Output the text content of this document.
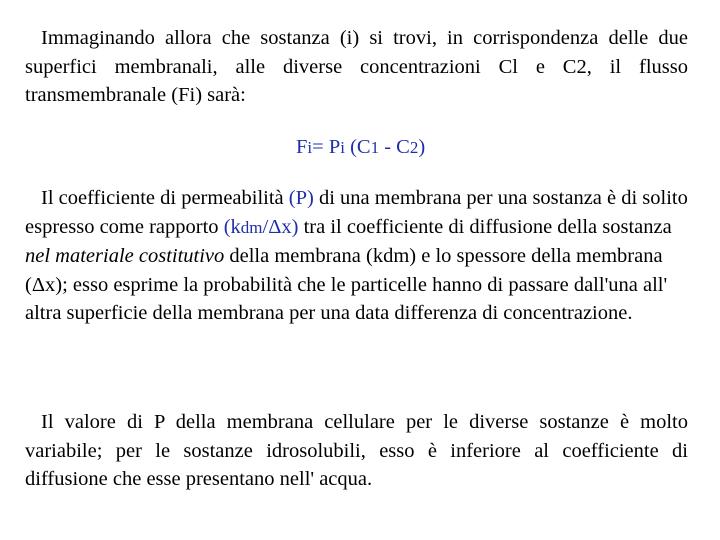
Immaginando allora che sostanza (i) si trovi, in corrispondenza delle due superfici membranali, alle diverse concentrazioni Cl e C2, il flusso transmembranale (Fi) sarà:

Fi= Pi (C1 - C2)

Il coefficiente di permeabilità (P) di una membrana per una sostanza è di solito espresso come rapporto (kdm/Δx) tra il coefficiente di diffusione della sostanza nel materiale costitutivo della membrana (kdm) e lo spessore della membrana (Δx); esso esprime la probabilità che le particelle hanno di passare dall'una all' altra superficie della membrana per una data differenza di concentrazione.

Il valore di P della membrana cellulare per le diverse sostanze è molto variabile; per le sostanze idrosolubili, esso è inferiore al coefficiente di diffusione che esse presentano nell' acqua.
